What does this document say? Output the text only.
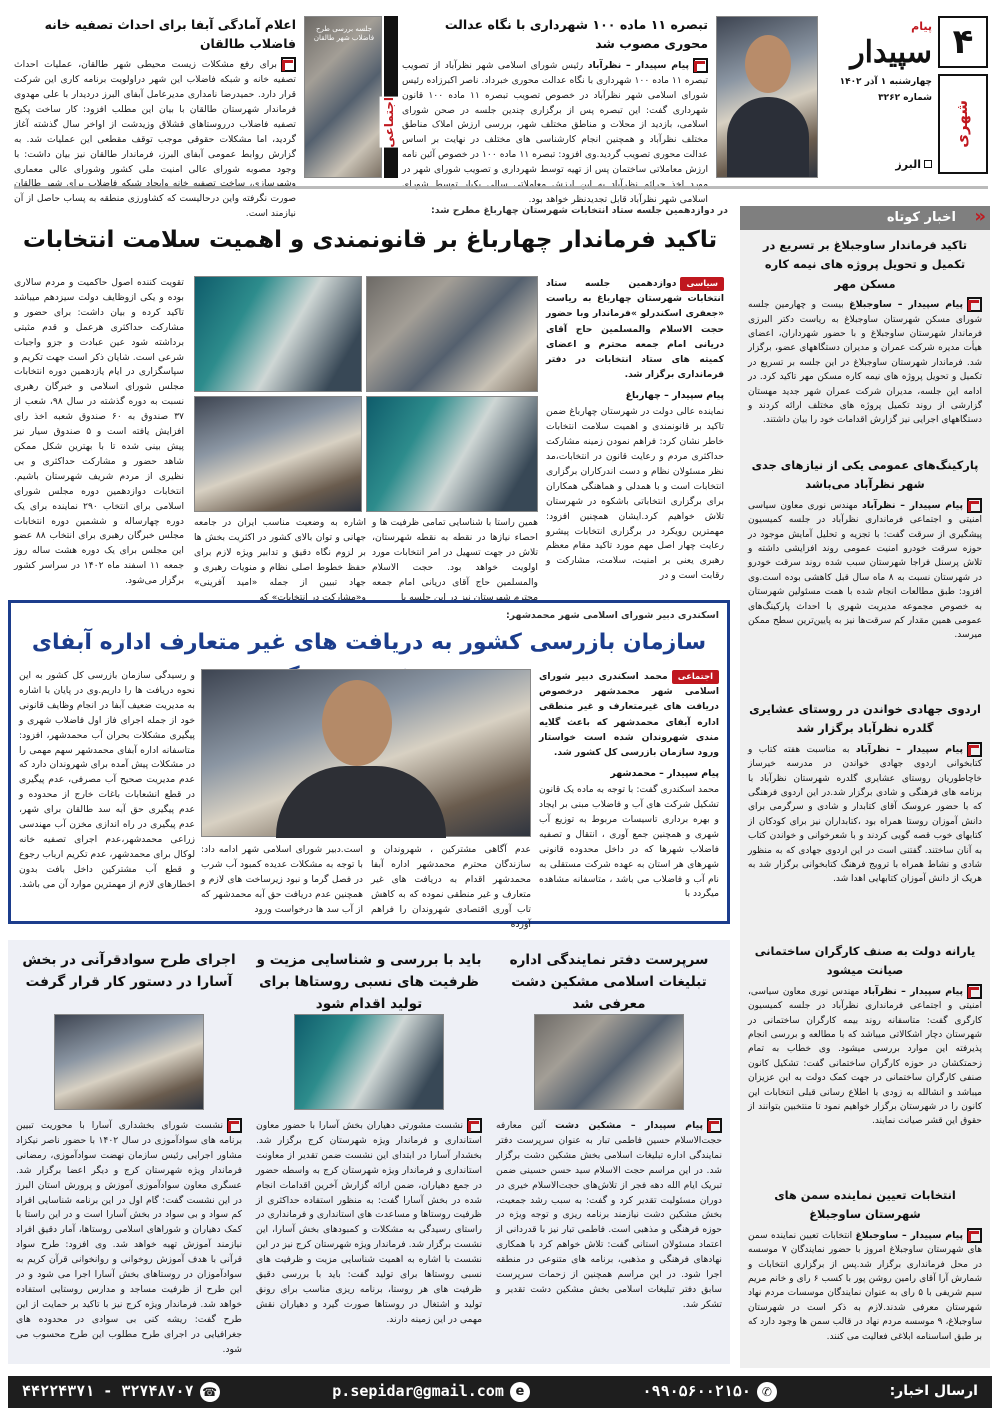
۴
شهری
پیام
سپیدار
چهارشنبه ۱ آذر ۱۴۰۲
شماره ۳۲۶۲
البرز
تبصره ۱۱ ماده ۱۰۰ شهرداری با نگاه عدالت محوری مصوب شد
پیام سپیدار – نظرآباد رئیس شورای اسلامی شهر نظرآباد از تصویب تبصره ۱۱ ماده ۱۰۰ شهرداری با نگاه عدالت محوری خبرداد. ناصر اکبرزاده رئیس شورای اسلامی شهر نظرآباد در خصوص تصویب تبصره ۱۱ ماده ۱۰۰ قانون شهرداری گفت: این تبصره پس از برگزاری چندین جلسه در صحن شورای اسلامی، بازدید از محلات و مناطق مختلف شهر، بررسی ارزش املاک مناطق مختلف نظرآباد و همچنین انجام کارشناسی های مختلف در نهایت بر اساس عدالت محوری تصویب گردید.وی افزود: تبصره ۱۱ ماده ۱۰۰ در خصوص آئین نامه ارزش معاملاتی ساختمان پس از تهیه توسط شهرداری و تصویب شورای شهر در مورد اخذ جرائم نظرآباد به این ارزش معاملاتی سالی یکبار توسط شورای اسلامی شهر نظرآباد قابل تجدیدنظر خواهد بود.
جلسه بررسی طرح فاضلاب شهر طالقان
اجتماعی
اعلام آمادگی آبفا برای احداث تصفیه خانه فاضلاب طالقان
برای رفع مشکلات زیست محیطی شهر طالقان، عملیات احداث تصفیه خانه و شبکه فاضلاب این شهر دراولویت برنامه کاری این شرکت قرار دارد. حمیدرضا نامداری مدیرعامل آبفای البرز دردیدار با علی مهدوی فرماندار شهرستان طالقان با بیان این مطلب افزود: کار ساخت پکیج تصفیه فاضلاب درروستاهای قشلاق وزیدشت از اواخر سال گذشته آغاز گردید، اما مشکلات حقوقی موجب توقف مقطعی این عملیات شد. به گزارش روابط عمومی آبفای البرز، فرماندار طالقان نیز بیان داشت: با وجود مصوبه شورای عالی امنیت ملی کشور وشورای عالی معماری وشهرسازی، ساخت تصفیه خانه وایجاد شبکه فاضلاب برای شهر طالقان صورت نگرفته واین درحالیست که کشاورزی منطقه به پساب حاصل از آن نیازمند است.	«
اخبار کوتاه
تاکید فرماندار ساوجبلاغ بر تسریع در تکمیل و تحویل پروژه های نیمه کاره مسکن مهر
پیام سپیدار – ساوجبلاغ بیست و چهارمین جلسه شورای مسکن شهرستان ساوجبلاغ به ریاست دکتر البرزی فرماندار شهرستان ساوجبلاغ و با حضور شهرداران، اعضای هیأت مدیره شرکت عمران و مدیران دستگاههای عضو، برگزار شد. فرماندار شهرستان ساوجبلاغ در این جلسه بر تسریع در تکمیل و تحویل پروژه های نیمه کاره مسکن مهر تاکید کرد. در ادامه این جلسه، مدیران شرکت عمران شهر جدید مهستان گزارشی از روند تکمیل پروژه های مختلف ارائه کردند و دستگاههای اجرایی نیز گزارش اقدامات خود را بیان داشتند.
پارکینگ‌های عمومی یکی از نیازهای جدی شهر نظرآباد می‌باشد
پیام سپیدار – نظرآباد مهندس نوری معاون سیاسی امنیتی و اجتماعی فرمانداری نظرآباد در جلسه کمیسیون پیشگیری از سرقت گفت: با تجزیه و تحلیل آمایش موجود در حوزه سرقت خودرو امنیت عمومی روند افزایشی داشته و تلاش پرسنل فراجا شهرستان سبب شده روند سرقت خودرو در شهرستان نسبت به ۸ ماه سال قبل کاهشی بوده است.وی افزود: طبق مطالعات انجام شده با همت مسئولین شهرستان به خصوص مجموعه مدیریت شهری با احداث پارکینگ‌های عمومی همین مقدار کم سرقت‌ها نیز به پایین‌ترین سطح ممکن میرسد.
اردوی جهادی خواندن در روستای عشایری گلدره نظرآباد برگزار شد
پیام سپیدار – نظرآباد به مناسبت هفته کتاب و کتابخوانی اردوی جهادی خواندن در مدرسه خیرساز خاچاطوریان روستای عشایری گلدره شهرستان نظرآباد با برنامه های فرهنگی و شادی برگزار شد.در این اردوی فرهنگی که با حضور عروسک آقای کتابدار و شادی و سرگرمی برای دانش آموزان روستا همراه بود ،کتابداران نیز برای کودکان از کتابهای خوب قصه گویی کردند و با شعرخوانی و خواندن کتاب به آنان ساختند. گفتنی است در این اردوی جهادی که به منظور شادی و نشاط همراه با ترویج فرهنگ کتابخوانی برگزار شد به هریک از دانش آموزان کتابهایی اهدا شد.
یارانه دولت به صنف کارگران ساختمانی صیانت میشود
پیام سپیدار – نظرآباد مهندس نوری معاون سیاسی، امنیتی و اجتماعی فرمانداری نظرآباد در جلسه کمیسیون کارگری گفت: متاسفانه روند بیمه کارگران ساختمانی در شهرستان دچار اشکالاتی میباشد که با مطالعه و بررسی انجام پذیرفته این موارد بررسی میشود. وی خطاب به تمام زحمتکشان در حوزه کارگران ساختمانی گفت: تشکیل کانون صنفی کارگران ساختمانی در جهت کمک دولت به این عزیزان میباشد و انشالله به زودی با اطلاع رسانی قبلی انتخابات این کانون را در شهرستان برگزار خواهیم نمود تا منتخبین بتوانند از حقوق این قشر صیانت نمایند.
انتخابات تعیین نماینده سمن های شهرستان ساوجبلاغ
پیام سپیدار – ساوجبلاغ انتخابات تعیین نماینده سمن های شهرستان ساوجبلاغ امروز با حضور نمایندگان ۷ موسسه در محل فرمانداری برگزار شد.پس از برگزاری انتخابات و شمارش آرا آقای رامین روشن پور با کسب ۶ رای و خانم مریم سیم شریفی با ۵ رای به عنوان نمایندگان موسسات مردم نهاد شهرستان معرفی شدند.لازم به ذکر است در شهرستان ساوجبلاغ، ۹ موسسه مردم نهاد در قالب سمن ها وجود دارد که بر طبق اساسنامه ابلاغی فعالیت می کنند.
در دوازدهمین جلسه ستاد انتخابات شهرستان چهارباغ مطرح شد:
تاکید فرماندار چهارباغ بر قانونمندی و اهمیت سلامت انتخابات
سیاسیدوازدهمین جلسه ستاد انتخابات شهرستان چهارباغ به ریاست «جعفری اسکندرلو »فرماندار وبا حضور حجت الاسلام والمسلمین حاج آقای دریانی امام جمعه محترم و اعضای کمیته های ستاد انتخابات در دفتر فرمانداری برگزار شد.
پیام سپیدار – چهارباغ
نماینده عالی دولت در شهرستان چهارباغ ضمن تاکید بر قانونمندی و اهمیت سلامت انتخابات خاطر نشان کرد: فراهم نمودن زمینه مشارکت حداکثری مردم و رعایت قانون در انتخابات،مد نظر مسئولان نظام و دست اندرکاران برگزاری انتخابات است و با همدلی و هماهنگی همکاران برای برگزاری انتخاباتی باشکوه در شهرستان تلاش خواهیم کرد.ایشان همچنین افزود: مهمترین رویکرد در برگزاری انتخابات پیشرو رعایت چهار اصل مهم مورد تاکید مقام معظم رهبری یعنی بر امنیت، سلامت، مشارکت و رقابت است و در
همین راستا با شناسایی تمامی ظرفیت ها و احصاء نیازها در نقطه به نقطه شهرستان، تلاش در جهت تسهیل در امر انتخابات مورد اولویت خواهد بود. حجت الاسلام والمسلمین حاج آقای دریانی امام جمعه محترم شهرستان نیز در این جلسه با
اشاره به وضعیت مناسب ایران در جامعه جهانی و توان بالای کشور در اکثریت بخش ها بر لزوم نگاه دقیق و تدابیر ویژه لازم برای حفظ خطوط اصلی نظام و منویات رهبری و جهاد تبیین از جمله «امید آفرینی» و«مشارکت در انتخابات» که
تقویت کننده اصول حاکمیت و مردم سالاری بوده و یکی ازوظایف دولت سیزدهم میباشد تاکید کرده و بیان داشت: برای حضور و مشارکت حداکثری هرعمل و قدم مثبتی برداشته شود عین عبادت و جزو واجبات شرعی است. شایان ذکر است جهت تکریم و سپاسگزاری در ایام یازدهمین دوره انتخابات مجلس شورای اسلامی و خبرگان رهبری نسبت به دوره گذشته در سال ۹۸، شعب از ۳۷ صندوق به ۶۰ صندوق شعبه اخذ رای افزایش یافته است و ۵ صندوق سیار نیز پیش بینی شده تا با بهترین شکل ممکن شاهد حضور و مشارکت حداکثری و بی نظیری از مردم شریف شهرستان باشیم. انتخابات دوازدهمین دوره مجلس شورای اسلامی برای انتخاب ۲۹۰ نماینده برای یک دوره چهارساله و ششمین دوره انتخابات مجلس خبرگان رهبری برای انتخاب ۸۸ عضو این مجلس برای یک دوره هشت ساله روز جمعه ۱۱ اسفند ماه ۱۴۰۲ در سراسر کشور برگزار می‌شود.
اسکندری دبیر شورای اسلامی شهر محمدشهر:
سازمان بازرسی کشور به دریافت های غیر متعارف اداره آبفای
اجتماعیمحمد اسکندری دبیر شورای اسلامی شهر محمدشهر درخصوص دریافت های غیرمتعارف و غیر منطقی اداره آبفای محمدشهر که باعث گلایه مندی شهروندان شده است خواستار ورود سازمان بازرسی کل کشور شد.
پیام سپیدار – محمدشهر
محمد اسکندری گفت: با توجه به ماده یک قانون تشکیل شرکت های آب و فاضلاب مبنی بر ایجاد و بهره برداری تاسیسات مربوط به توزیع آب شهری و همچنین جمع آوری ، انتقال و تصفیه فاضلاب شهرها که در داخل محدوده قانونی شهرهای هر استان به عهده شرکت مستقلی به نام آب و فاضلاب می باشد ، متاسفانه مشاهده میگردد با
عدم آگاهی مشترکین ، شهروندان و سازندگان محترم محمدشهر اداره آبفا محمدشهر اقدام به دریافت های غیر متعارف و غیر منطقی نموده که به کاهش تاب آوری اقتصادی شهروندان را فراهم آورده
است.دبیر شورای اسلامی شهر ادامه داد: با توجه به مشکلات عدیده کمبود آب شرب در فصل گرما و نبود زیرساخت های لازم و همچنین عدم دریافت حق آبه محمدشهر که از آب سد ها درخواست ورود
و رسیدگی سازمان بازرسی کل کشور به این نحوه دریافت ها را داریم.وی در پایان با اشاره به مدیریت ضعیف آبفا در انجام وظایف قانونی خود از جمله اجرای فاز اول فاضلاب شهری و پیگیری مشکلات بحران آب محمدشهر، افزود: متاسفانه اداره آبفای محمدشهر سهم مهمی را در مشکلات پیش آمده برای شهروندان دارد که عدم مدیریت صحیح آب مصرفی، عدم پیگیری در قطع انشعابات باغات خارج از محدوده و عدم پیگیری حق آبه سد طالقان برای شهر، عدم پیگیری در راه اندازی مخزن آب مهندسی زراعی محمدشهر،عدم اجرای تصفیه خانه لوکال برای محمدشهر، عدم تکریم ارباب رجوع و قطع آب مشترکین داخل بافت بدون اخطارهای لازم از مهمترین موارد آن می باشد.
سرپرست دفتر نمایندگی اداره تبلیغات اسلامی مشکین دشت معرفی شد
پیام سپیدار – مشکین دشت آئین معارفه حجت‌الاسلام حسین فاطمی تبار به عنوان سرپرست دفتر نمایندگی اداره تبلیغات اسلامی بخش مشکین دشت برگزار شد. در این مراسم حجت الاسلام سید حسن حسینی ضمن تبریک ایام الله دهه فجر از تلاش‌های حجت‌الاسلام خیری در دوران مسئولیت تقدیر کرد و گفت: به سبب رشد جمعیت، بخش مشکین دشت نیازمند برنامه ریزی و توجه ویژه در حوزه فرهنگی و مذهبی است. فاطمی تبار نیز با قدردانی از اعتماد مسئولان استانی گفت: تلاش خواهم کرد با همکاری نهادهای فرهنگی و مذهبی، برنامه های متنوعی در منطقه اجرا شود. در این مراسم همچنین از زحمات سرپرست سابق دفتر تبلیغات اسلامی بخش مشکین دشت تقدیر و تشکر شد.
باید با بررسی و شناسایی مزیت و ظرفیت های نسبی روستاها برای تولید اقدام شود
نشست مشورتی دهیاران بخش آسارا با حضور معاون استانداری و فرماندار ویژه شهرستان کرج برگزار شد. بخشدار آسارا در ابتدای این نشست ضمن تقدیر از معاونت استانداری و فرماندار ویژه شهرستان کرج به واسطه حضور در جمع دهیاران، ضمن ارائه گزارش آخرین اقدامات انجام شده در بخش آسارا گفت: به منظور استفاده حداکثری از ظرفیت روستاها و مساعدت های استانداری و فرمانداری در راستای رسیدگی به مشکلات و کمبودهای بخش آسارا، این نشست برگزار شد. فرماندار ویژه شهرستان کرج نیز در این نشست با اشاره به اهمیت شناسایی مزیت و ظرفیت های نسبی روستاها برای تولید گفت: باید با بررسی دقیق ظرفیت های هر روستا، برنامه ریزی مناسب برای رونق تولید و اشتغال در روستاها صورت گیرد و دهیاران نقش مهمی در این زمینه دارند.
اجرای طرح سوادقرآنی در بخش آسارا در دستور کار قرار گرفت
نشست شورای بخشداری آسارا با محوریت تبیین برنامه های سوادآموزی در سال ۱۴۰۲ با حضور ناصر نیکزاد مشاور اجرایی رئیس سازمان نهضت سوادآموزی، رمضانی فرماندار ویژه شهرستان کرج و دیگر اعضا برگزار شد. عسگری معاون سوادآموزی آموزش و پرورش استان البرز در این نشست گفت: گام اول در این برنامه شناسایی افراد کم سواد و بی سواد در بخش آسارا است و در این راستا با کمک دهیاران و شوراهای اسلامی روستاها، آمار دقیق افراد نیازمند آموزش تهیه خواهد شد. وی افزود: طرح سواد قرآنی با هدف آموزش روخوانی و روانخوانی قرآن کریم به سوادآموزان در روستاهای بخش آسارا اجرا می شود و در این طرح از ظرفیت مساجد و مدارس روستایی استفاده خواهد شد. فرماندار ویژه کرج نیز با تاکید بر حمایت از این طرح گفت: ریشه کنی بی سوادی در محدوده های جغرافیایی در اجرای طرح مطلوب این طرح محسوب می شود.
ارسال اخبار:
✆
۰۹۹۰۵۶۰۰۲۱۵۰
e
p.sepidar@gmail.com
☎
۳۲۷۴۸۷۰۷ - ۴۴۲۲۴۳۷۱
